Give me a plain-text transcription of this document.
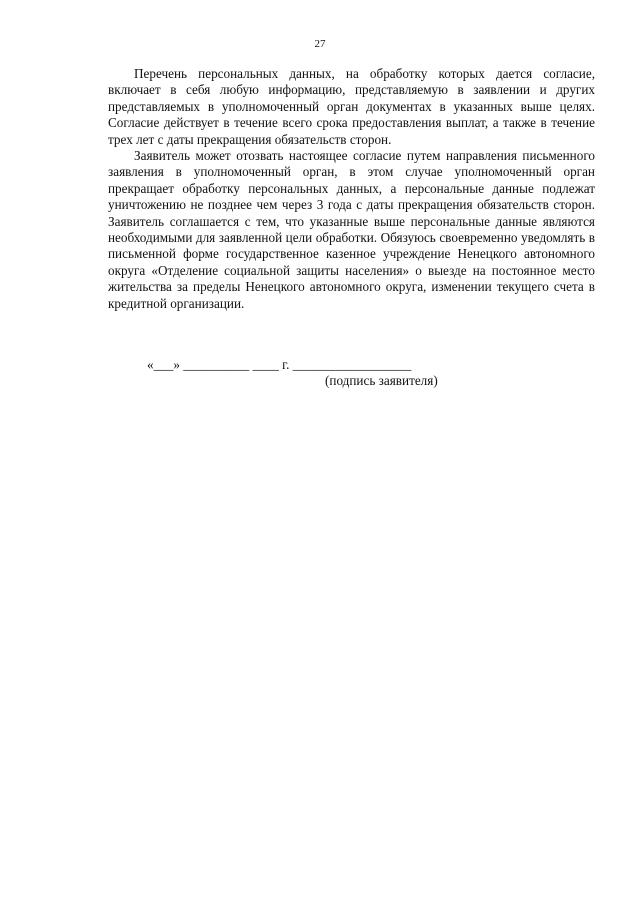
27

Перечень персональных данных, на обработку которых дается согласие, включает в себя любую информацию, представляемую в заявлении и других представляемых в уполномоченный орган документах в указанных выше целях. Согласие действует в течение всего срока предоставления выплат, а также в течение трех лет с даты прекращения обязательств сторон.

Заявитель может отозвать настоящее согласие путем направления письменного заявления в уполномоченный орган, в этом случае уполномоченный орган прекращает обработку персональных данных, а персональные данные подлежат уничтожению не позднее чем через 3 года с даты прекращения обязательств сторон. Заявитель соглашается с тем, что указанные выше персональные данные являются необходимыми для заявленной цели обработки. Обязуюсь своевременно уведомлять в письменной форме государственное казенное учреждение Ненецкого автономного округа «Отделение социальной защиты населения» о выезде на постоянное место жительства за пределы Ненецкого автономного округа, изменении текущего счета в кредитной организации.

«___» __________ ____ г. __________________
(подпись заявителя)
